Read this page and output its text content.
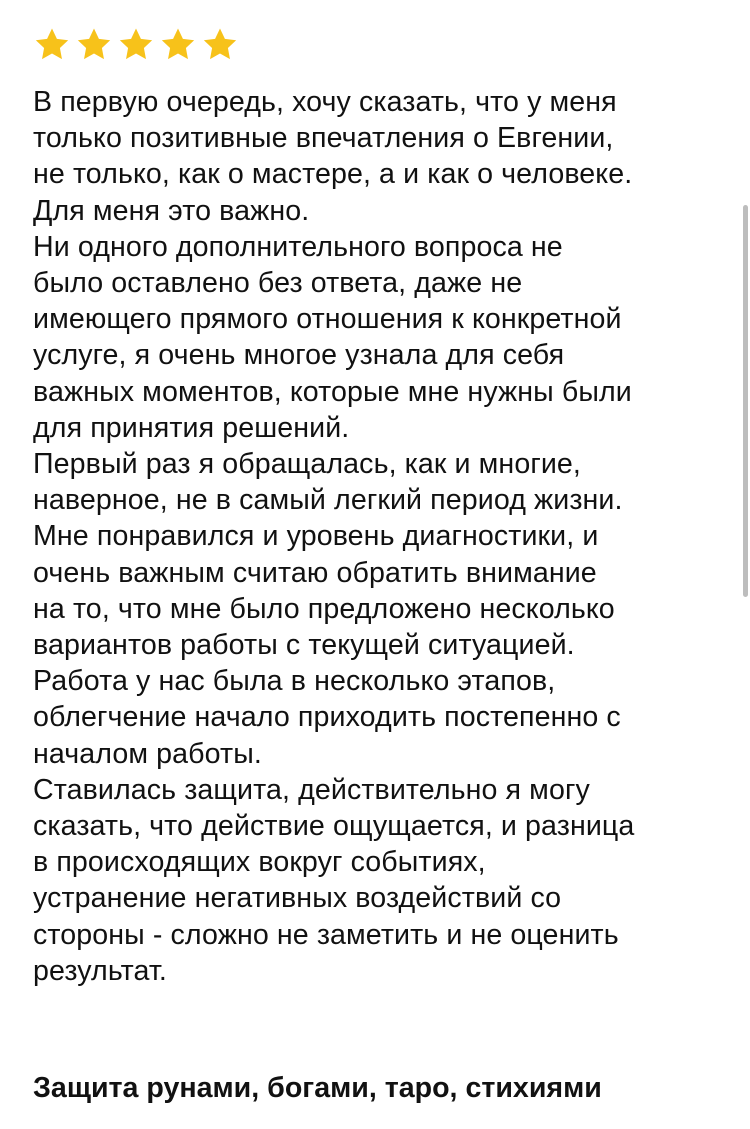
В первую очередь, хочу сказать, что у меня
только позитивные впечатления о Евгении,
не только, как о мастере, а и как о человеке.
Для меня это важно.
Ни одного дополнительного вопроса не
было оставлено без ответа, даже не
имеющего прямого отношения к конкретной
услуге, я очень многое узнала для себя
важных моментов, которые мне нужны были
для принятия решений.
Первый раз я обращалась, как и многие,
наверное, не в самый легкий период жизни.
Мне понравился и уровень диагностики, и
очень важным считаю обратить внимание
на то, что мне было предложено несколько
вариантов работы с текущей ситуацией.
Работа у нас была в несколько этапов,
облегчение начало приходить постепенно с
началом работы.
Ставилась защита, действительно я могу
сказать, что действие ощущается, и разница
в происходящих вокруг событиях,
устранение негативных воздействий со
стороны - сложно не заметить и не оценить
результат.

Защита рунами, богами, таро, стихиями
